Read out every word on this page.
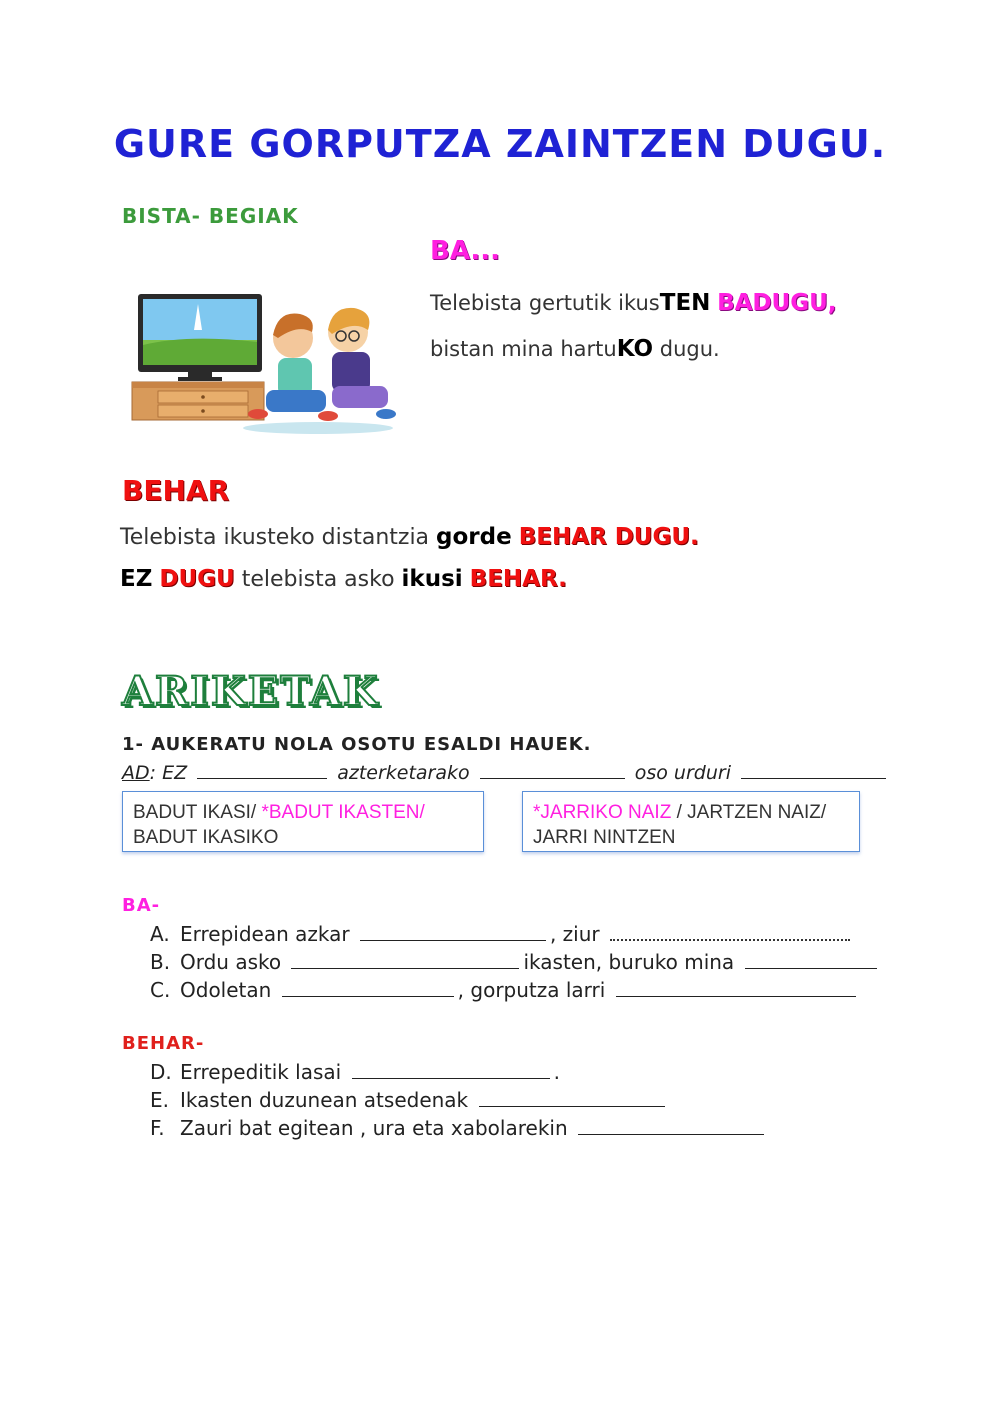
GURE GORPUTZA ZAINTZEN DUGU.
BISTA- BEGIAK
BA...
Telebista gertutik ikusTEN BADUGU,
bistan mina hartuKO dugu.
BEHAR
Telebista ikusteko distantzia gorde BEHAR DUGU.
EZ DUGU telebista asko ikusi BEHAR.
ARIKETAK
1- AUKERATU NOLA OSOTU ESALDI HAUEK.
AD: EZ	azterketarako	oso urduri
BADUT IKASI/ *BADUT IKASTEN/
BADUT IKASIKO
*JARRIKO NAIZ / JARTZEN NAIZ/
JARRI NINTZEN
BA-
A. Errepidean azkar	, ziur
B. Ordu asko	ikasten, buruko mina
C. Odoletan	, gorputza larri
BEHAR-
D. Errepeditik lasai	.
E. Ikasten duzunean atsedenak
F. Zauri bat egitean , ura eta xabolarekin
